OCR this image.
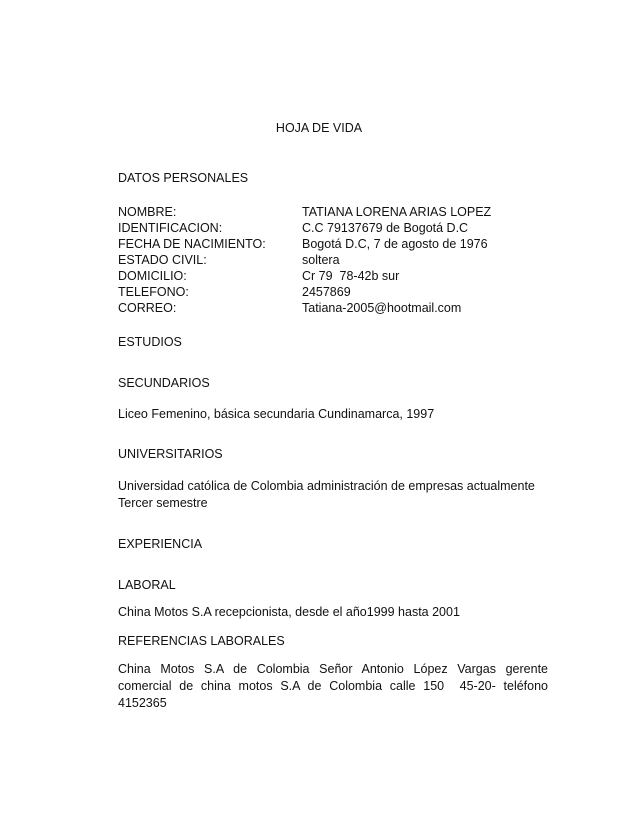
HOJA DE VIDA
DATOS PERSONALES
NOMBRE:	TATIANA LORENA ARIAS LOPEZ
IDENTIFICACION:	C.C 79137679 de Bogotá D.C
FECHA DE NACIMIENTO:	Bogotá D.C, 7 de agosto de 1976
ESTADO CIVIL:	soltera
DOMICILIO:	Cr 79  78-42b sur
TELEFONO:	2457869
CORREO:	Tatiana-2005@hootmail.com
ESTUDIOS
SECUNDARIOS
Liceo Femenino, básica secundaria Cundinamarca, 1997
UNIVERSITARIOS
Universidad católica de Colombia administración de empresas actualmente
Tercer semestre
EXPERIENCIA
LABORAL
China Motos S.A recepcionista, desde el año1999 hasta 2001
REFERENCIAS LABORALES
China Motos S.A de Colombia Señor Antonio López Vargas gerente comercial de china motos S.A de Colombia calle 150  45-20- teléfono 4152365
